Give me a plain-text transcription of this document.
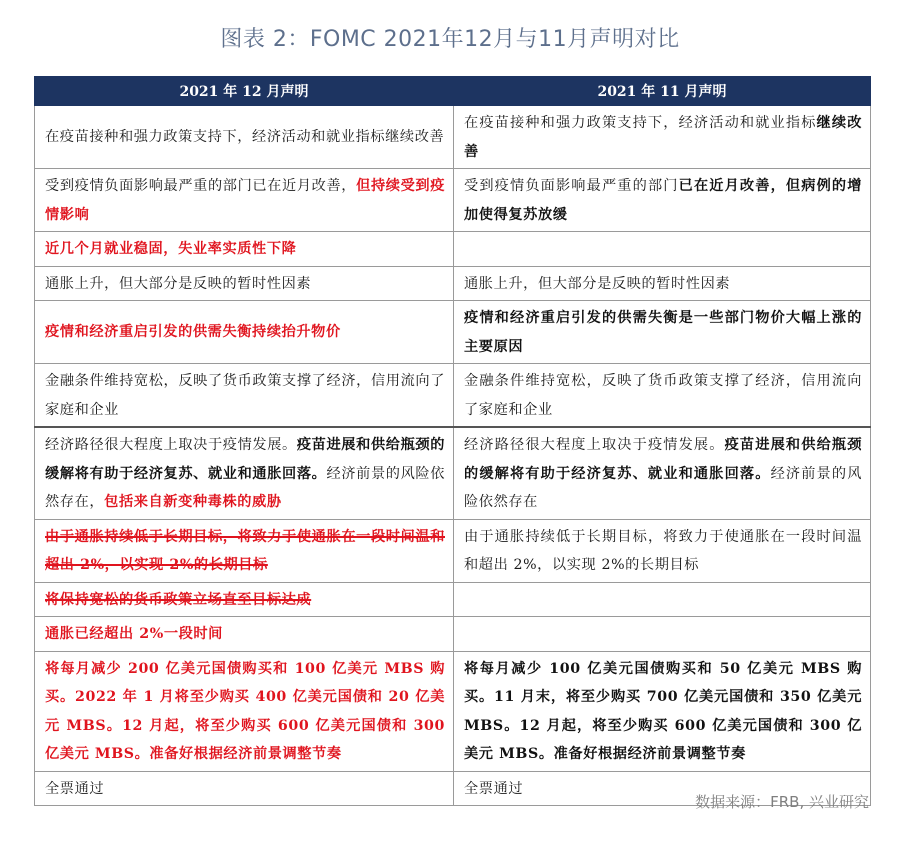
图表 2：FOMC 2021年12月与11月声明对比
2021 年 12 月声明	2021 年 11 月声明
在疫苗接种和强力政策支持下，经济活动和就业指标继续改善	在疫苗接种和强力政策支持下，经济活动和就业指标继续改善
受到疫情负面影响最严重的部门已在近月改善，但持续受到疫情影响	受到疫情负面影响最严重的部门已在近月改善，但病例的增加使得复苏放缓
近几个月就业稳固，失业率实质性下降	
通胀上升，但大部分是反映的暂时性因素	通胀上升，但大部分是反映的暂时性因素
疫情和经济重启引发的供需失衡持续抬升物价	疫情和经济重启引发的供需失衡是一些部门物价大幅上涨的主要原因
金融条件维持宽松，反映了货币政策支撑了经济，信用流向了家庭和企业	金融条件维持宽松，反映了货币政策支撑了经济，信用流向了家庭和企业
经济路径很大程度上取决于疫情发展。疫苗进展和供给瓶颈的缓解将有助于经济复苏、就业和通胀回落。经济前景的风险依然存在，包括来自新变种毒株的威胁	经济路径很大程度上取决于疫情发展。疫苗进展和供给瓶颈的缓解将有助于经济复苏、就业和通胀回落。经济前景的风险依然存在
由于通胀持续低于长期目标，将致力于使通胀在一段时间温和超出 2%，以实现 2%的长期目标	由于通胀持续低于长期目标，将致力于使通胀在一段时间温和超出 2%，以实现 2%的长期目标
将保持宽松的货币政策立场直至目标达成	
通胀已经超出 2%一段时间	
将每月减少 200 亿美元国债购买和 100 亿美元 MBS 购买。2022 年 1 月将至少购买 400 亿美元国债和 20 亿美元 MBS。12 月起，将至少购买 600 亿美元国债和 300 亿美元 MBS。准备好根据经济前景调整节奏	将每月减少 100 亿美元国债购买和 50 亿美元 MBS 购买。11 月末，将至少购买 700 亿美元国债和 350 亿美元 MBS。12 月起，将至少购买 600 亿美元国债和 300 亿美元 MBS。准备好根据经济前景调整节奏
全票通过	全票通过
数据来源：FRB, 兴业研究
